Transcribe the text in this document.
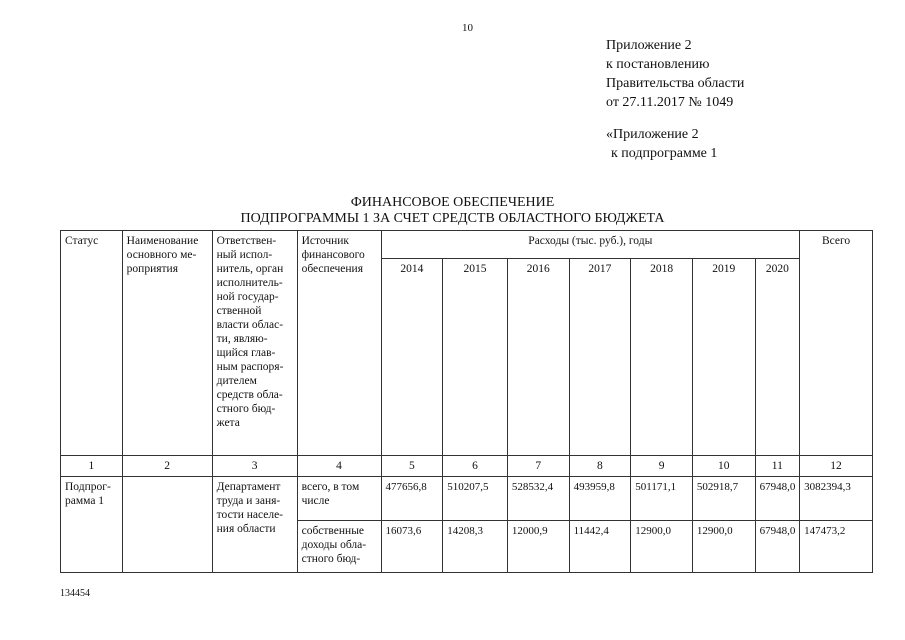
10
Приложение 2
к постановлению
Правительства области
от 27.11.2017 № 1049
«Приложение 2
к подпрограмме 1
ФИНАНСОВОЕ ОБЕСПЕЧЕНИЕ
ПОДПРОГРАММЫ 1 ЗА СЧЕТ СРЕДСТВ ОБЛАСТНОГО БЮДЖЕТА
Статус	Наименование основного ме-роприятия	Ответствен-ный испол-нитель, орган исполнитель-ной государ-ственной власти облас-ти, являю-щийся глав-ным распоря-дителем средств обла-стного бюд-жета	Источник финансового обеспечения	Расходы (тыс. руб.), годы							Всего
				2014	2015	2016	2017	2018	2019	2020	
1	2	3	4	5	6	7	8	9	10	11	12
Подпрог-рамма 1		Департамент труда и заня-тости населе-ния области	всего, в том числе	477656,8	510207,5	528532,4	493959,8	501171,1	502918,7	67948,0	3082394,3
			собственные доходы обла-стного бюд-	16073,6	14208,3	12000,9	11442,4	12900,0	12900,0	67948,0	147473,2
134454
